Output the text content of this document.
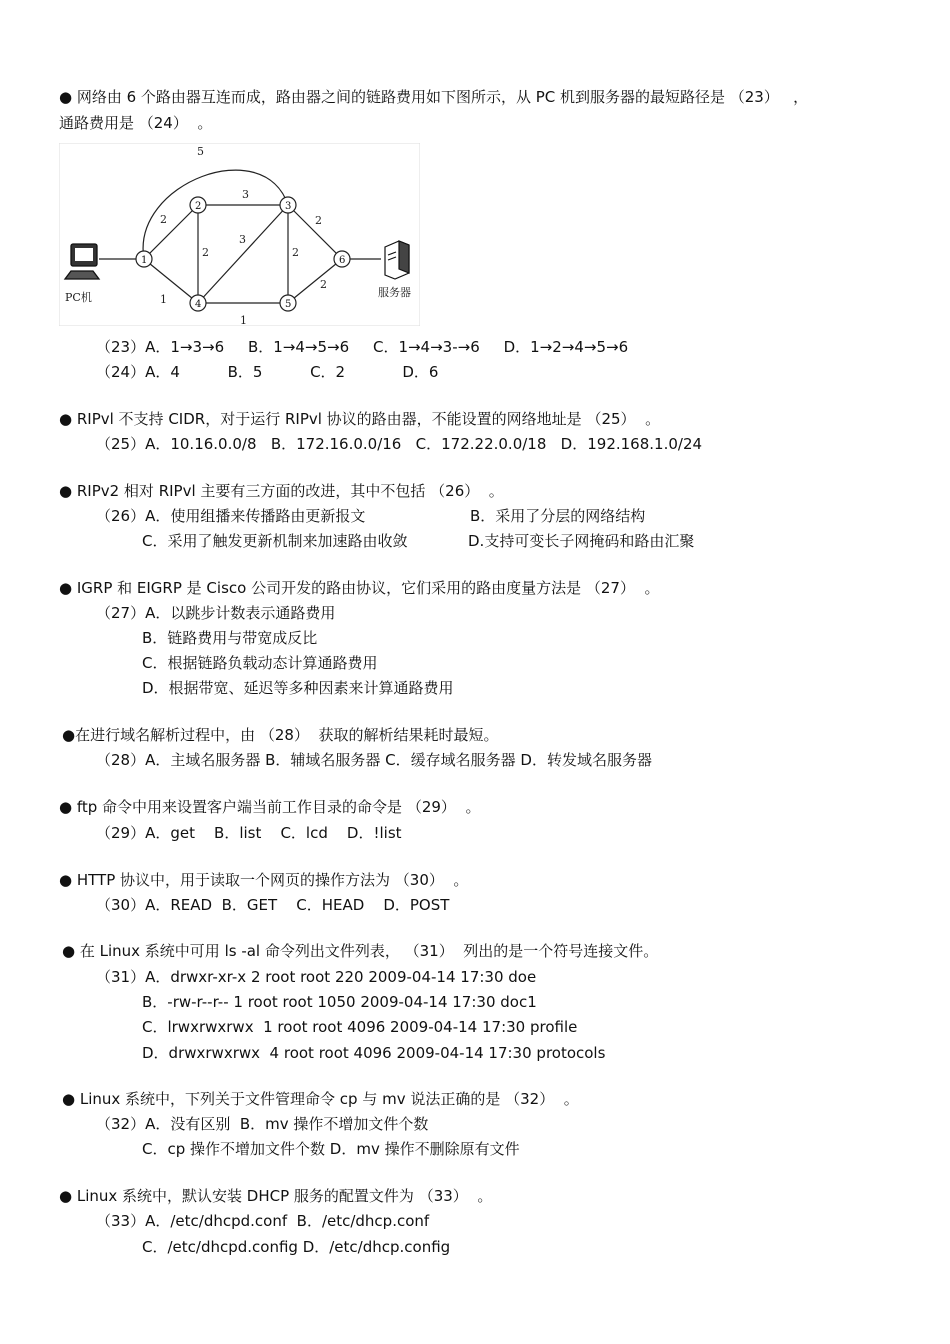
● 网络由 6 个路由器互连而成，路由器之间的链路费用如下图所示，从 PC 机到服务器的最短路径是 （23）   ，
通路费用是 （24）  。
5
2
3
2
3
2
2
2
1
1
1
2	3
4	5
6
PC机	服务器
（23）A．1→3→6     B．1→4→5→6     C．1→4→3-→6     D．1→2→4→5→6
（24）A．4          B．5          C．2            D．6
● RIPvl 不支持 CIDR，对于运行 RIPvl 协议的路由器，不能设置的网络地址是 （25）  。
（25）A．10.16.0.0/8   B．172.16.0.0/16   C．172.22.0.0/18   D．192.168.1.0/24
● RIPv2 相对 RIPvl 主要有三方面的改进，其中不包括 （26）  。
（26）A．使用组播来传播路由更新报文	B．采用了分层的网络结构
C．采用了触发更新机制来加速路由收敛	D.支持可变长子网掩码和路由汇聚
● IGRP 和 EIGRP 是 Cisco 公司开发的路由协议，它们采用的路由度量方法是 （27）  。
（27）A．以跳步计数表示通路费用
B．链路费用与带宽成反比
C．根据链路负载动态计算通路费用
D．根据带宽、延迟等多种因素来计算通路费用
●在进行域名解析过程中，由 （28）  获取的解析结果耗时最短。
（28）A．主域名服务器 B．辅域名服务器 C．缓存域名服务器 D．转发域名服务器
● ftp 命令中用来设置客户端当前工作目录的命令是 （29）  。
（29）A．get    B．list    C．lcd    D．!list
● HTTP 协议中，用于读取一个网页的操作方法为 （30）  。
（30）A．READ  B．GET    C．HEAD    D．POST
● 在 Linux 系统中可用 ls -al 命令列出文件列表， （31）  列出的是一个符号连接文件。
（31）A．drwxr-xr-x 2 root root 220 2009-04-14 17:30 doe
B．-rw-r--r-- 1 root root 1050 2009-04-14 17:30 doc1
C．lrwxrwxrwx  1 root root 4096 2009-04-14 17:30 profile
D．drwxrwxrwx  4 root root 4096 2009-04-14 17:30 protocols
● Linux 系统中，下列关于文件管理命令 cp 与 mv 说法正确的是 （32）  。
（32）A．没有区别  B．mv 操作不增加文件个数
C．cp 操作不增加文件个数 D．mv 操作不删除原有文件
● Linux 系统中，默认安装 DHCP 服务的配置文件为 （33）  。
（33）A．/etc/dhcpd.conf  B．/etc/dhcp.conf
C．/etc/dhcpd.config D．/etc/dhcp.config
